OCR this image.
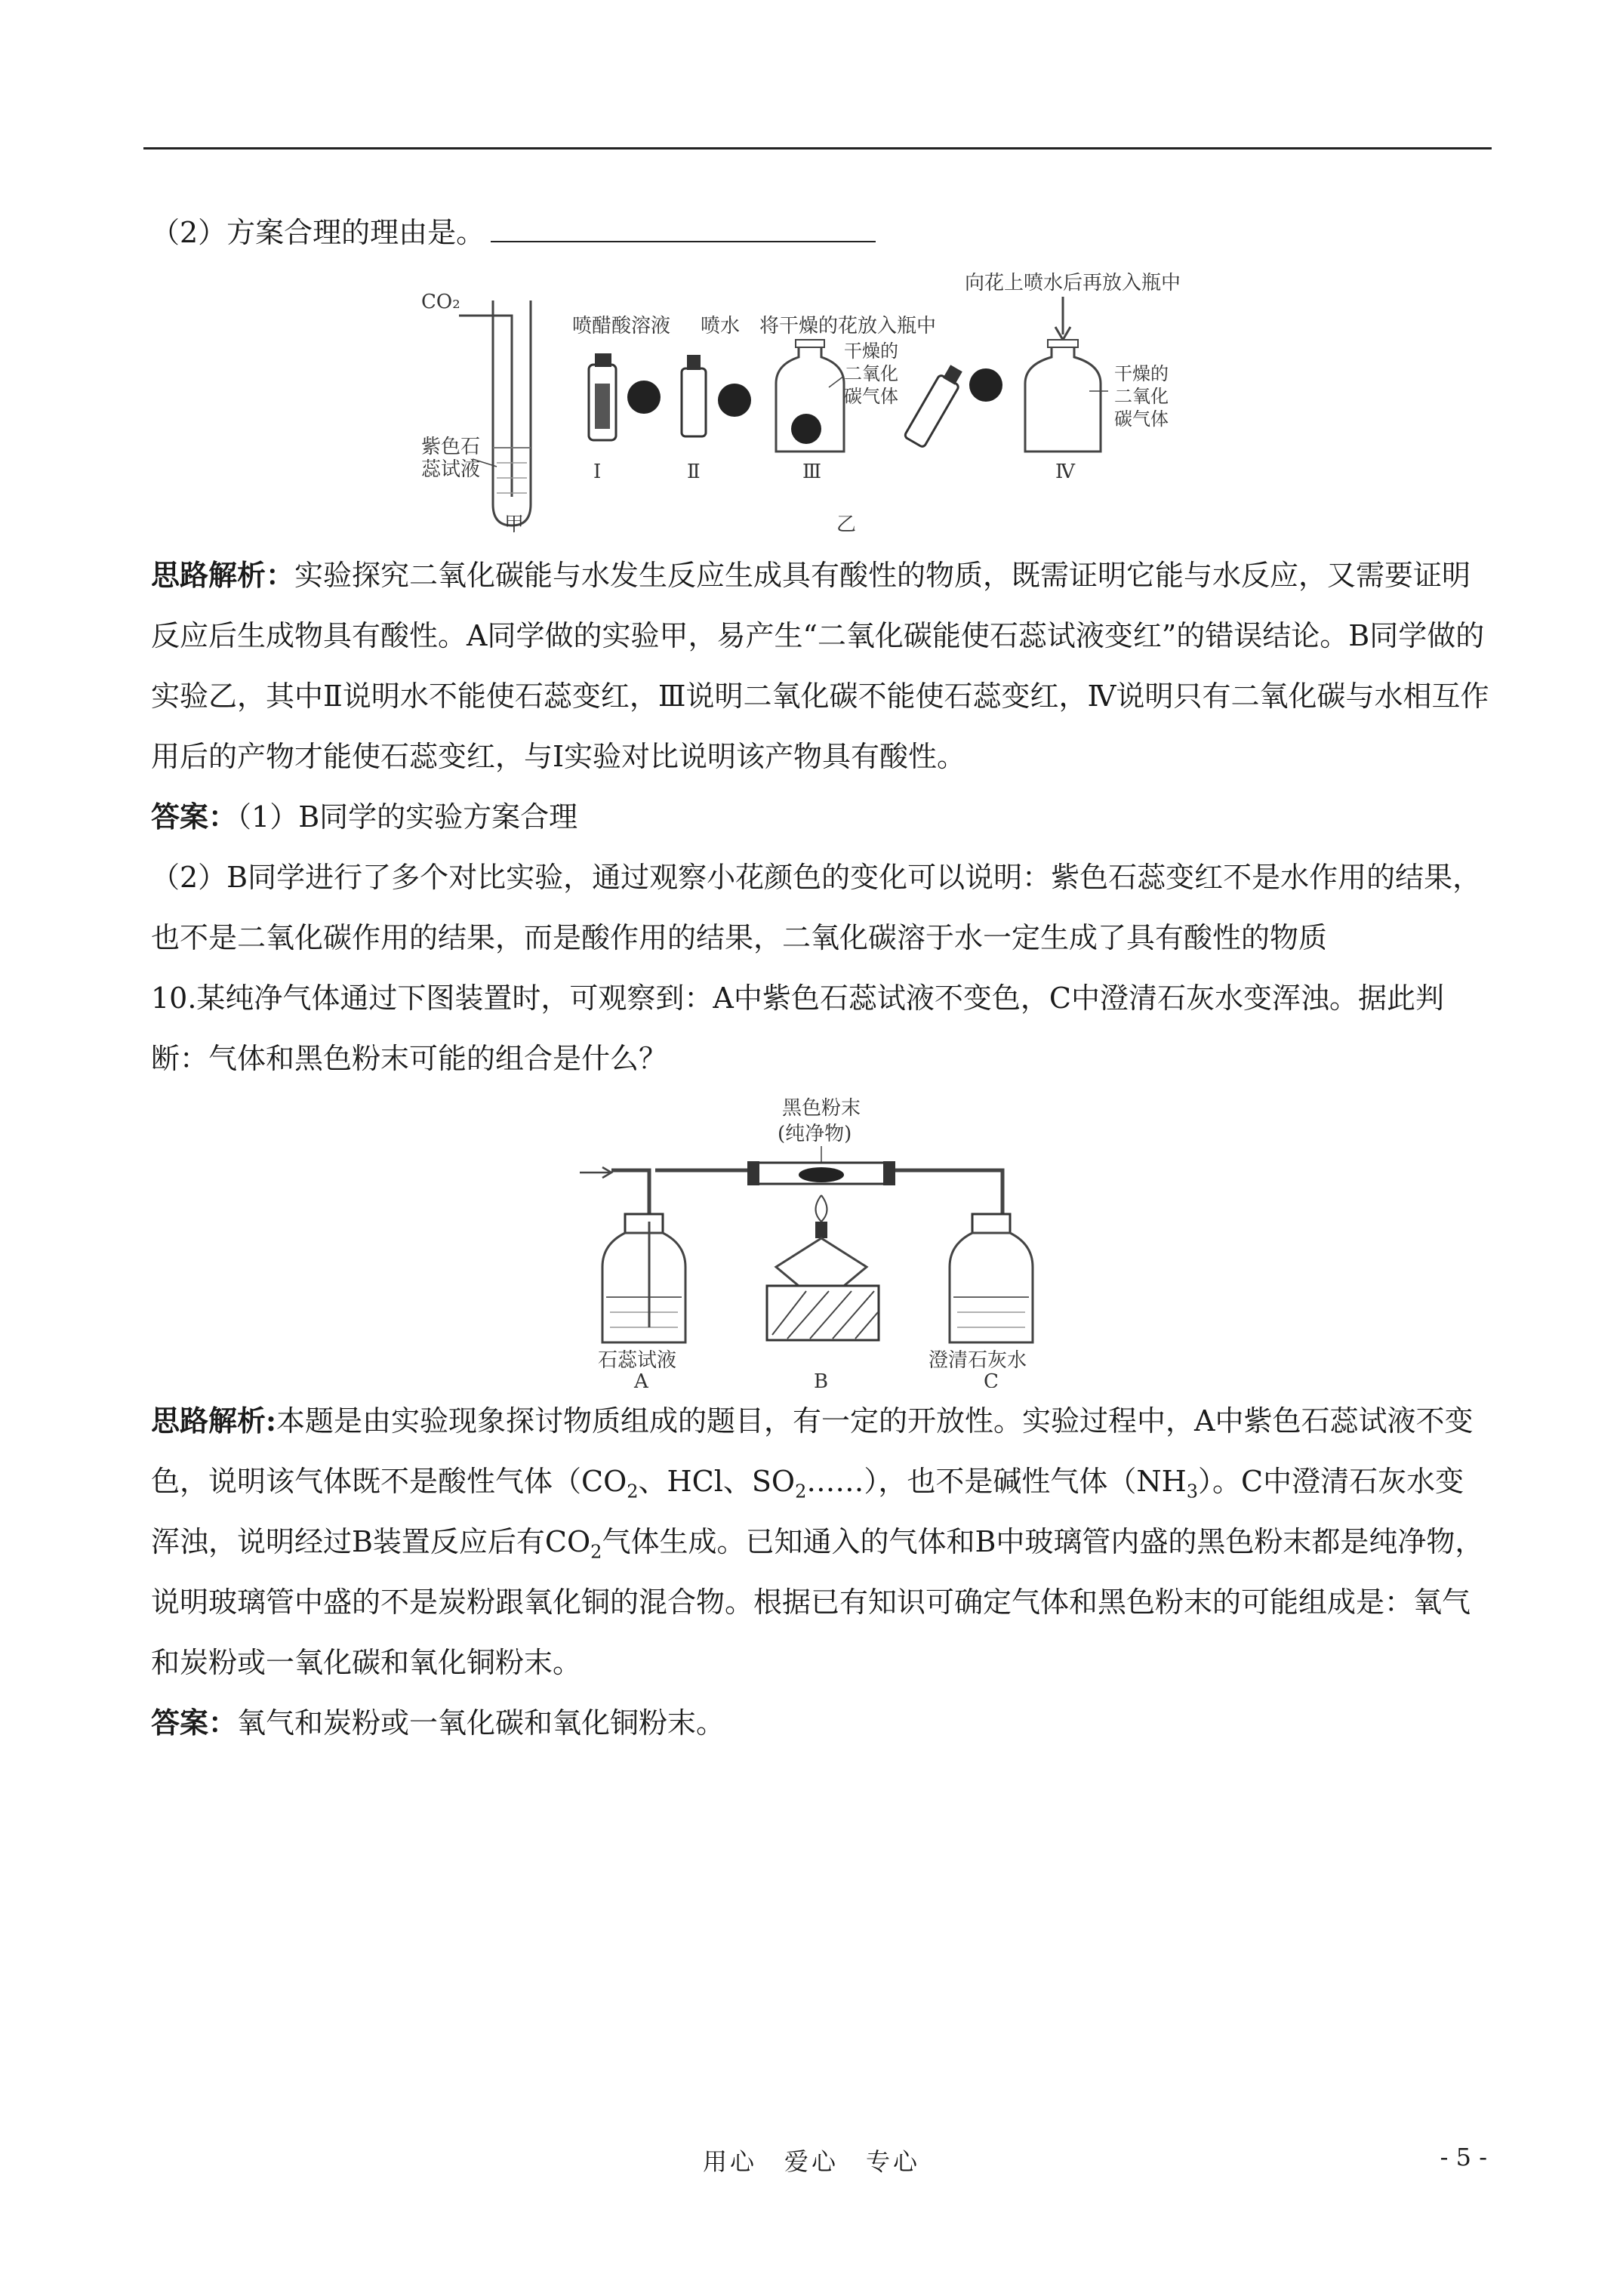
（2）方案合理的理由是。

CO₂
紫色石
蕊试液
甲
喷醋酸溶液
Ⅰ
喷水
Ⅱ
将干燥的花放入瓶中
干燥的
二氧化
碳气体
Ⅲ
乙
向花上喷水后再放入瓶中
干燥的
二氧化
碳气体
Ⅳ

思路解析：实验探究二氧化碳能与水发生反应生成具有酸性的物质，既需证明它能与水反应，又需要证明反应后生成物具有酸性。A同学做的实验甲，易产生“二氧化碳能使石蕊试液变红”的错误结论。B同学做的实验乙，其中Ⅱ说明水不能使石蕊变红，Ⅲ说明二氧化碳不能使石蕊变红，Ⅳ说明只有二氧化碳与水相互作用后的产物才能使石蕊变红，与Ⅰ实验对比说明该产物具有酸性。

答案：（1）B同学的实验方案合理

（2）B同学进行了多个对比实验，通过观察小花颜色的变化可以说明：紫色石蕊变红不是水作用的结果，也不是二氧化碳作用的结果，而是酸作用的结果，二氧化碳溶于水一定生成了具有酸性的物质

10.某纯净气体通过下图装置时，可观察到：A中紫色石蕊试液不变色，C中澄清石灰水变浑浊。据此判断：气体和黑色粉末可能的组合是什么？

黑色粉末
(纯净物)
石蕊试液
A	B
澄清石灰水
C

思路解析:本题是由实验现象探讨物质组成的题目，有一定的开放性。实验过程中，A中紫色石蕊试液不变色，说明该气体既不是酸性气体（$CO_2$、HCl、$SO_2\dots\dots$），也不是碱性气体$(NH_3)$。C中澄清石灰水变浑浊，说明经过B装置反应后有$CO_2$气体生成。已知通入的气体和B中玻璃管内盛的黑色粉末都是纯净物，说明玻璃管中盛的不是炭粉跟氧化铜的混合物。根据已有知识可确定气体和黑色粉末的可能组成是：氧气和炭粉或一氧化碳和氧化铜粉末。

答案：氧气和炭粉或一氧化碳和氧化铜粉末。

用心　爱心　专心	- 5 -
